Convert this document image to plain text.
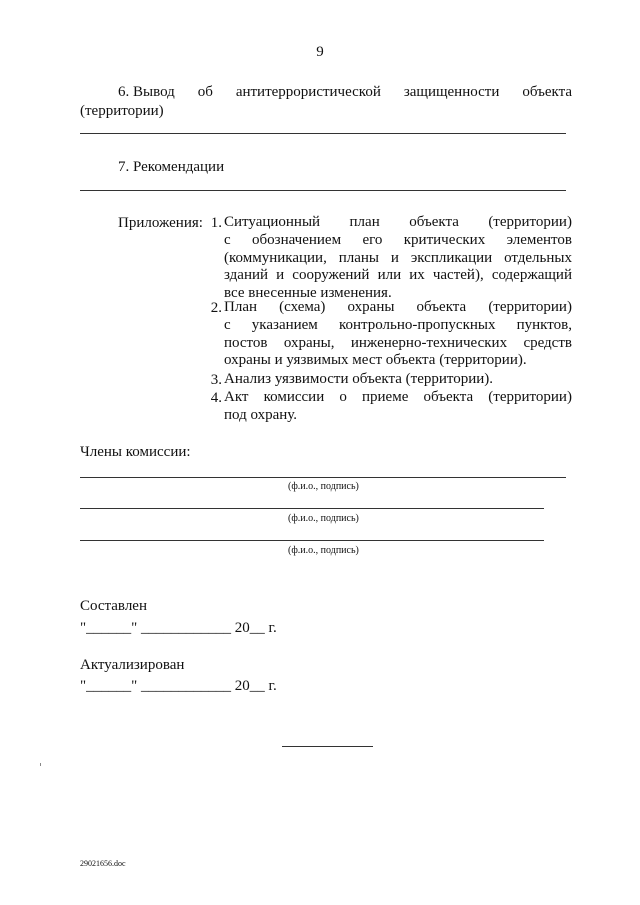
9
6. Вывод об антитеррористической защищенности объекта
(территории)
7. Рекомендации
Приложения: 1. Ситуационный план объекта (территории)
с обозначением его критических элементов
(коммуникации, планы и экспликации отдельных
зданий и сооружений или их частей), содержащий
все внесенные изменения.
2. План (схема) охраны объекта (территории)
с указанием контрольно-пропускных пунктов,
постов охраны, инженерно-технических средств
охраны и уязвимых мест объекта (территории).
3. Анализ уязвимости объекта (территории).
4. Акт комиссии о приеме объекта (территории)
под охрану.
Члены комиссии:
(ф.и.о., подпись)
(ф.и.о., подпись)
(ф.и.о., подпись)
Составлен
"______" ____________ 20__ г.
Актуализирован
"______" ____________ 20__ г.
29021656.doc
